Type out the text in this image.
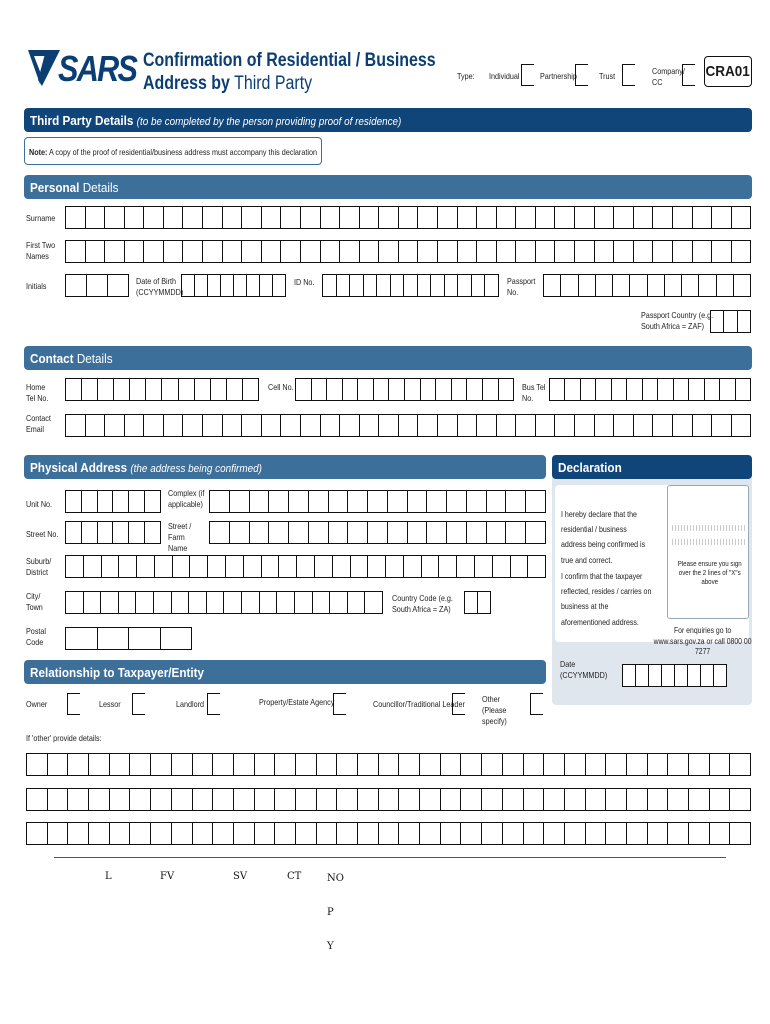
SARS Confirmation of Residential / Business
Address by Third Party	Type: Individual	Partnership	Trust
Company/ CC
CRA01
Third Party Details (to be completed by the person providing proof of residence)
Note: A copy of the proof of residential/business address must accompany this declaration
Personal Details
Surname
First Two Names
Initials
Date of Birth (CCYYMMDD)
ID No.	Passport No.
Passport Country (e.g. South Africa = ZAF)
Contact Details
Home Tel No.
Cell No.	Bus Tel No.
Contact Email
Physical Address (the address being confirmed)
Unit No.
Complex (if applicable)
Street No.
Street / Farm Name
Suburb/ District
City/ Town
Country Code (e.g. South Africa = ZA)
Postal Code
Declaration
I hereby declare that the residential / business address being confirmed is true and correct.
I confirm that the taxpayer reflected, resides / carries on business at the aforementioned address.
Please ensure you sign over the 2 lines of "X"s above
For enquiries go to www.sars.gov.za or call 0800 00 7277
Date (CCYYMMDD)
Relationship to Taxpayer/Entity
Owner	Lessor	Landlord	Property/Estate Agency	Councillor/Traditional Leader
Other (Please specify)
If 'other' provide details:
L	FV	SV	CT	NO
P
Y
